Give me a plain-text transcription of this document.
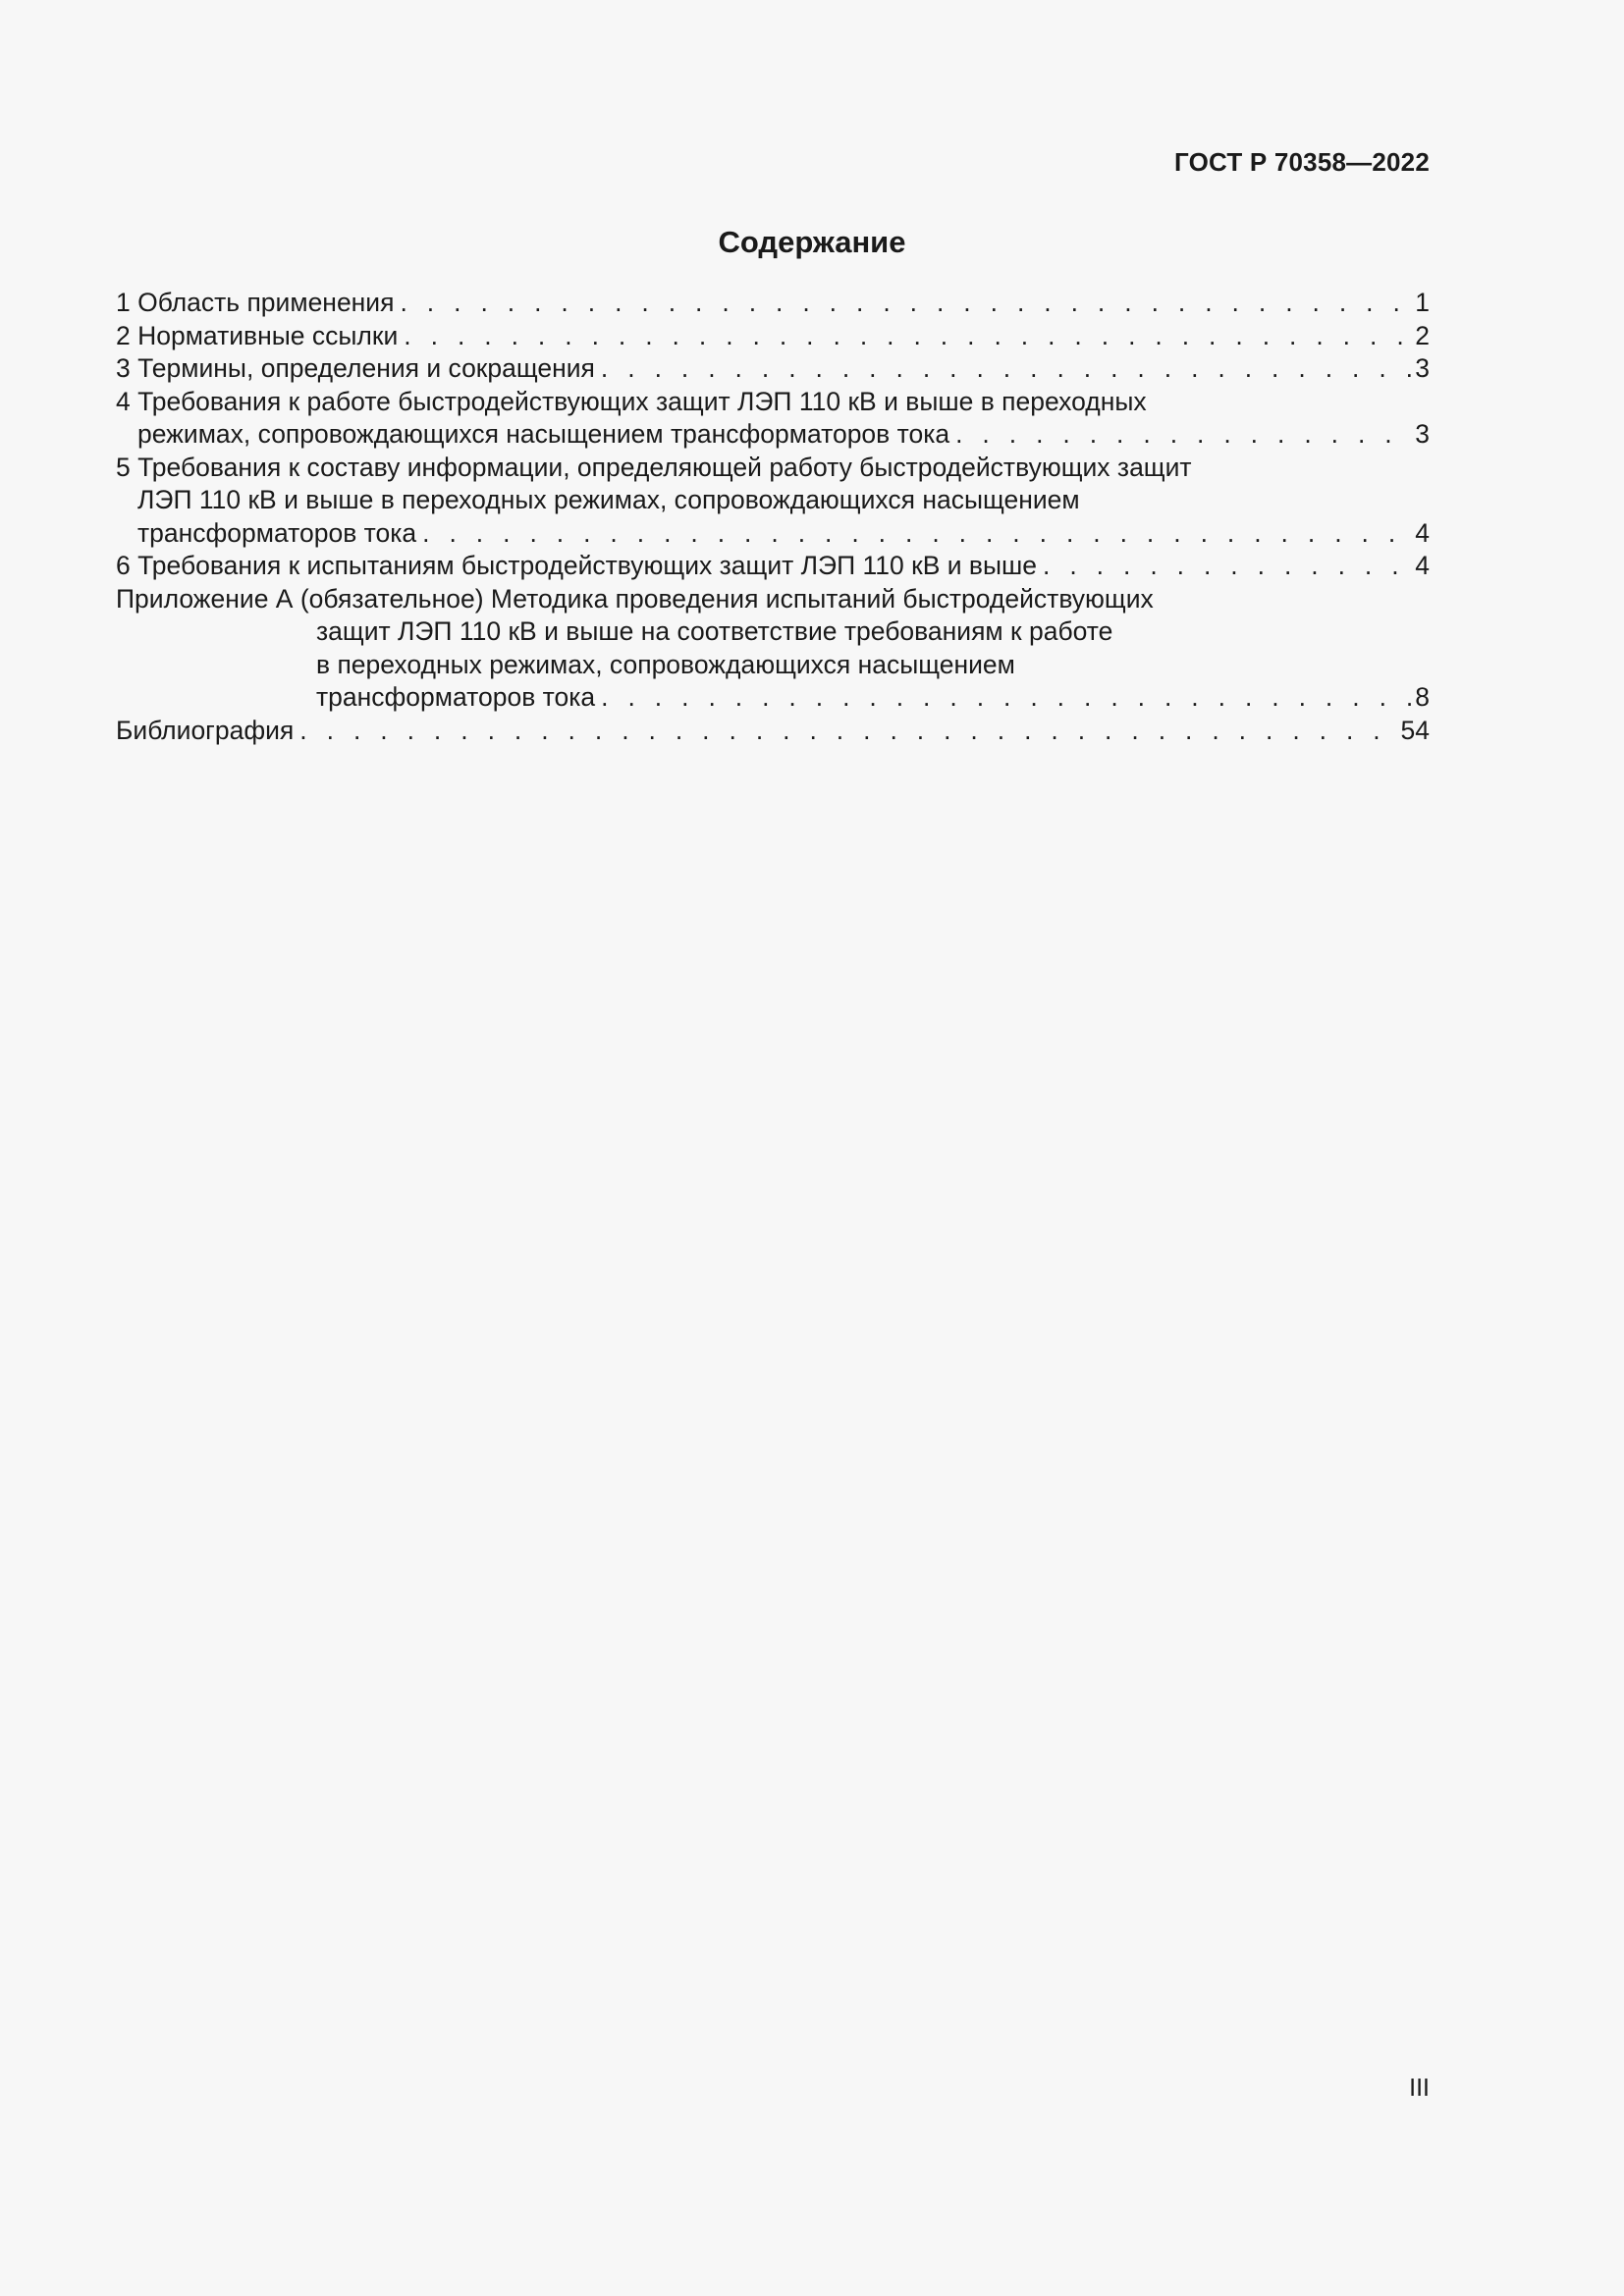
ГОСТ Р 70358—2022
Содержание
1 Область применения . . .	1
2 Нормативные ссылки . . .	2
3 Термины, определения и сокращения . . .	3
4 Требования к работе быстродействующих защит ЛЭП 110 кВ и выше в переходных
режимах, сопровождающихся насыщением трансформаторов тока . . .	3
5 Требования к составу информации, определяющей работу быстродействующих защит
ЛЭП 110 кВ и выше в переходных режимах, сопровождающихся насыщением
трансформаторов тока . . .	4
6 Требования к испытаниям быстродействующих защит ЛЭП 110 кВ и выше . . .	4
Приложение А (обязательное) Методика проведения испытаний быстродействующих
защит ЛЭП 110 кВ и выше на соответствие требованиям к работе
в переходных режимах, сопровождающихся насыщением
трансформаторов тока . . .	8
Библиография . . .	54
III
